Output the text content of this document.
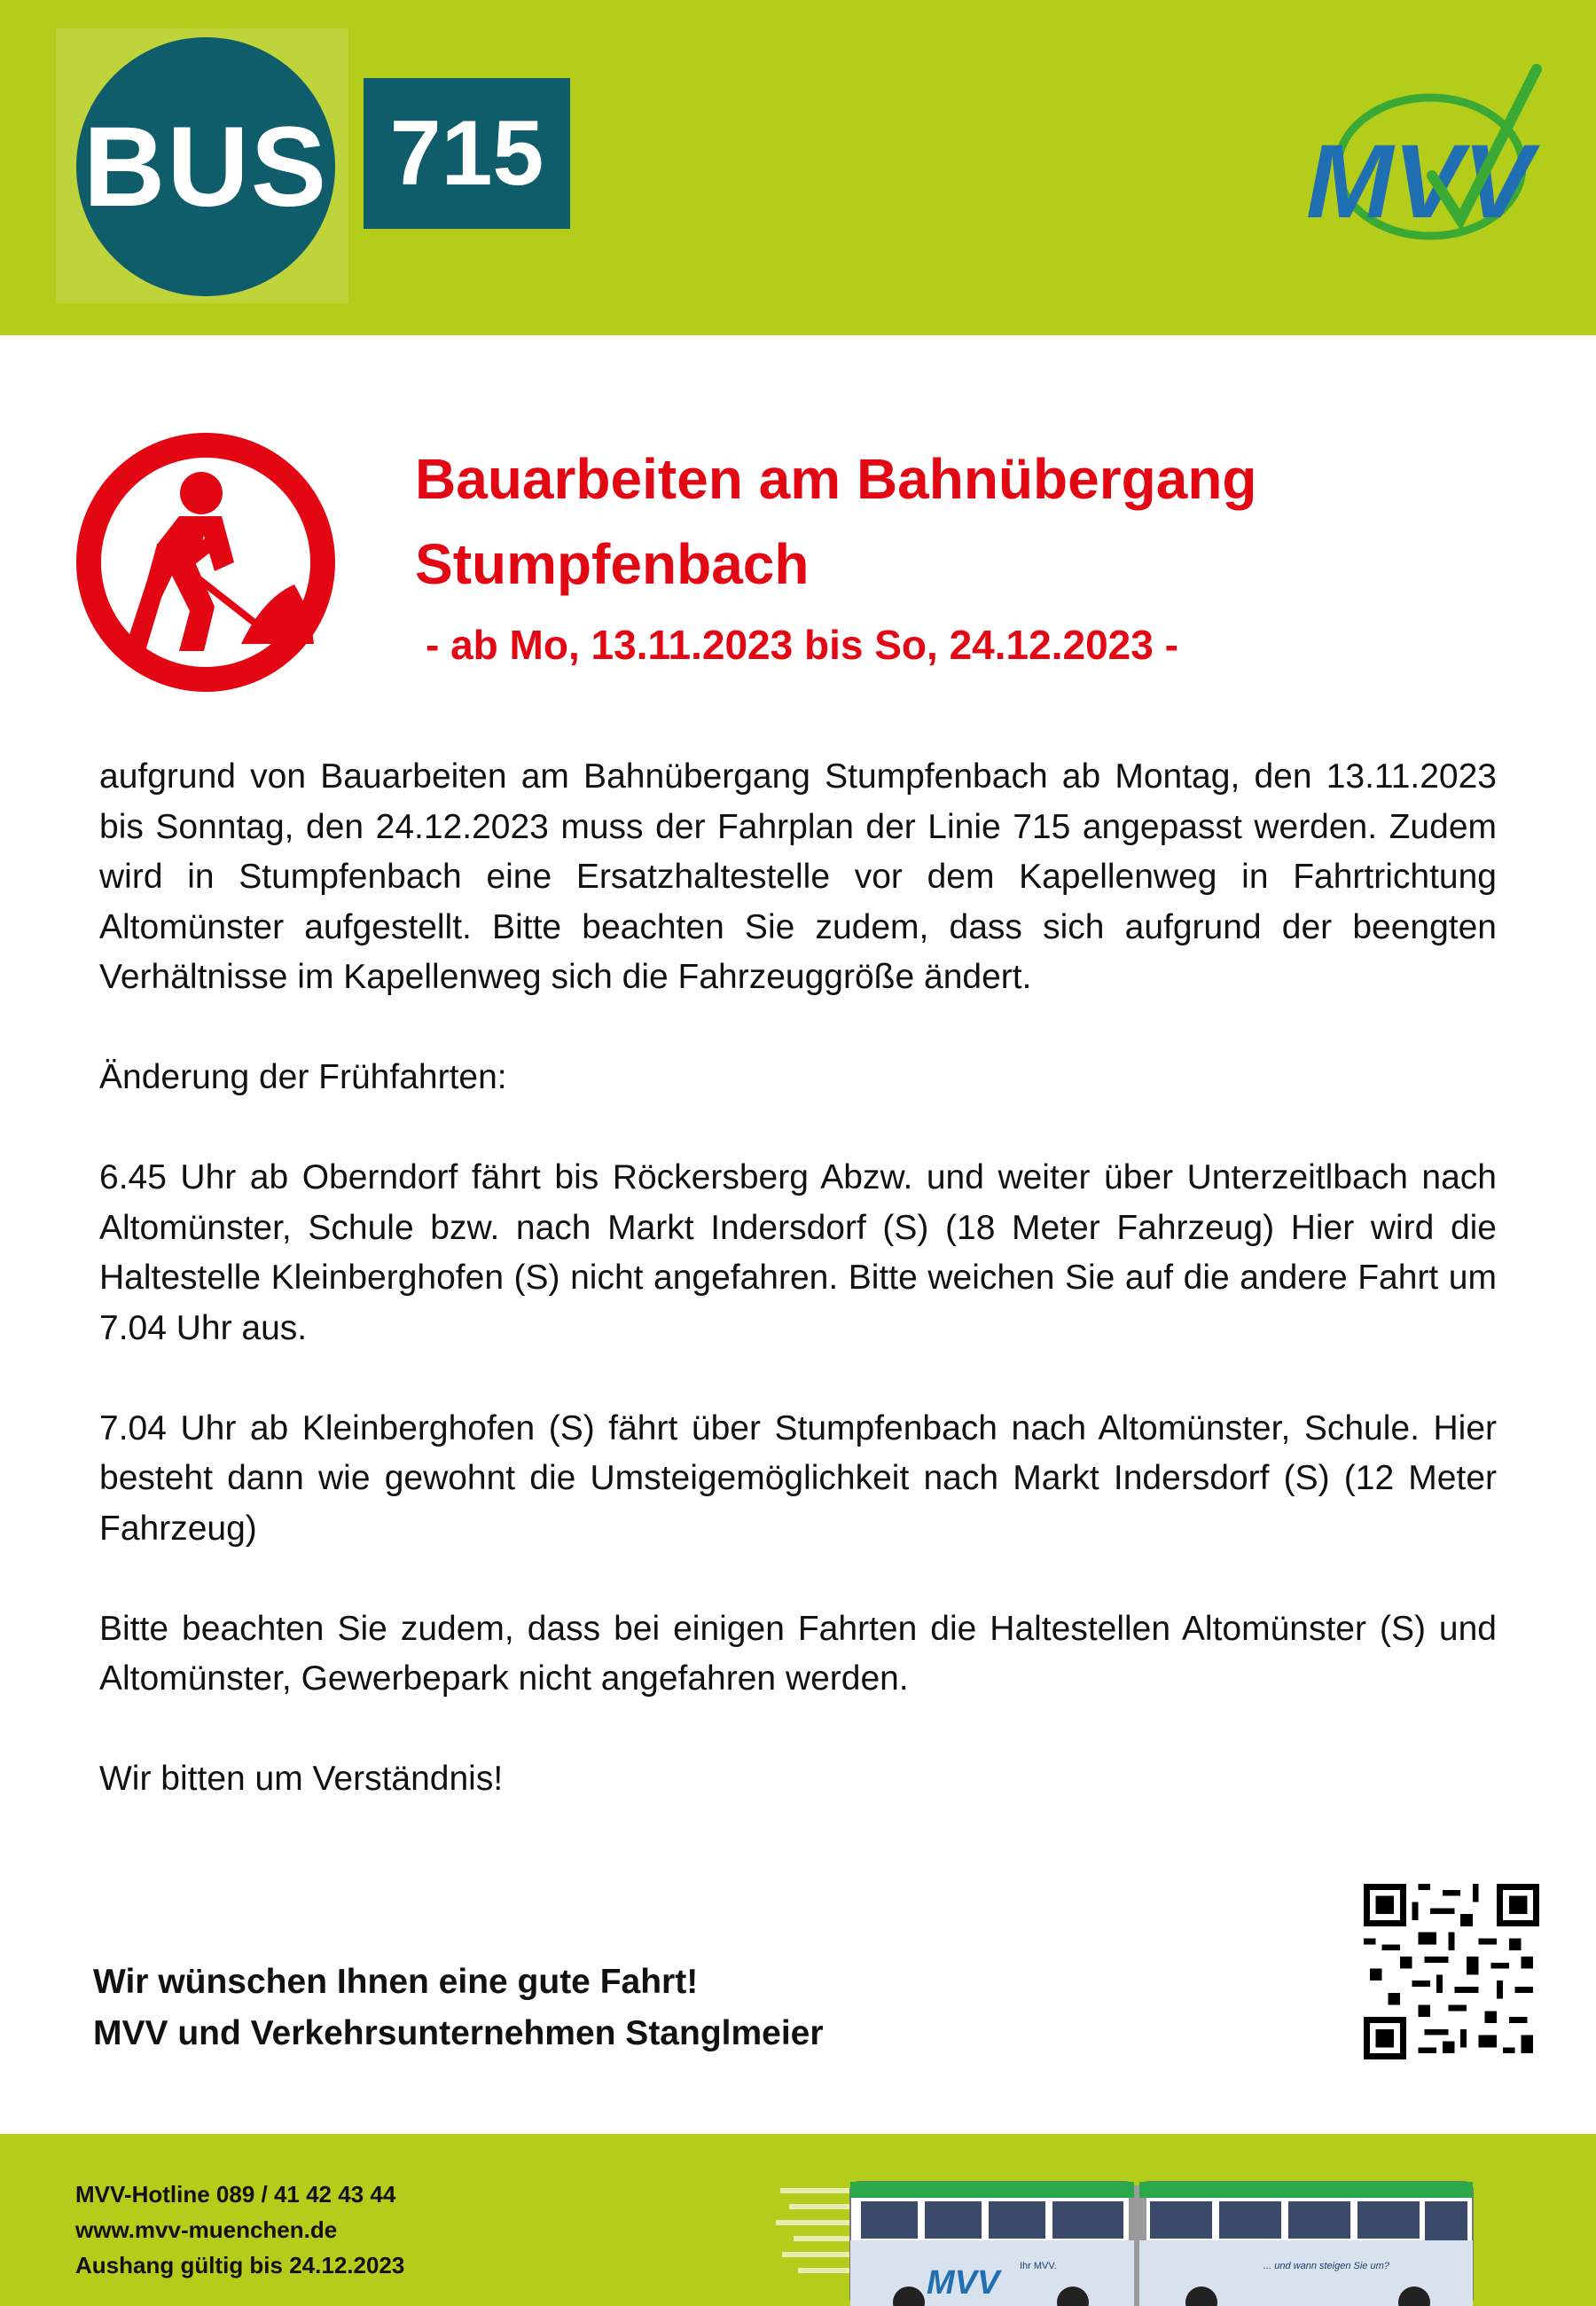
BUS 715	MVV
Bauarbeiten am Bahnübergang
Stumpfenbach

- ab Mo, 13.11.2023 bis So, 24.12.2023 -

aufgrund von Bauarbeiten am Bahnübergang Stumpfenbach ab Montag, den 13.11.2023 bis Sonntag, den 24.12.2023 muss der Fahrplan der Linie 715 angepasst werden. Zudem wird in Stumpfenbach eine Ersatzhaltestelle vor dem Kapellenweg in Fahrtrichtung Altomünster aufgestellt. Bitte beachten Sie zudem, dass sich aufgrund der beengten Verhältnisse im Kapellenweg sich die Fahrzeuggröße ändert.

Änderung der Frühfahrten:

6.45 Uhr ab Oberndorf fährt bis Röckersberg Abzw. und weiter über Unterzeitlbach nach Altomünster, Schule bzw. nach Markt Indersdorf (S) (18 Meter Fahrzeug) Hier wird die Haltestelle Kleinberghofen (S) nicht angefahren. Bitte weichen Sie auf die andere Fahrt um 7.04 Uhr aus.

7.04 Uhr ab Kleinberghofen (S) fährt über Stumpfenbach nach Altomünster, Schule. Hier besteht dann wie gewohnt die Umsteigemöglichkeit nach Markt Indersdorf (S) (12 Meter Fahrzeug)

Bitte beachten Sie zudem, dass bei einigen Fahrten die Haltestellen Altomünster (S) und Altomünster, Gewerbepark nicht angefahren werden.

Wir bitten um Verständnis!

Wir wünschen Ihnen eine gute Fahrt!
MVV und Verkehrsunternehmen Stanglmeier
MVV-Hotline 089 / 41 42 43 44
www.mvv-muenchen.de
Aushang gültig bis 24.12.2023	MVV Ihr MVV.	... und wann steigen Sie um?
